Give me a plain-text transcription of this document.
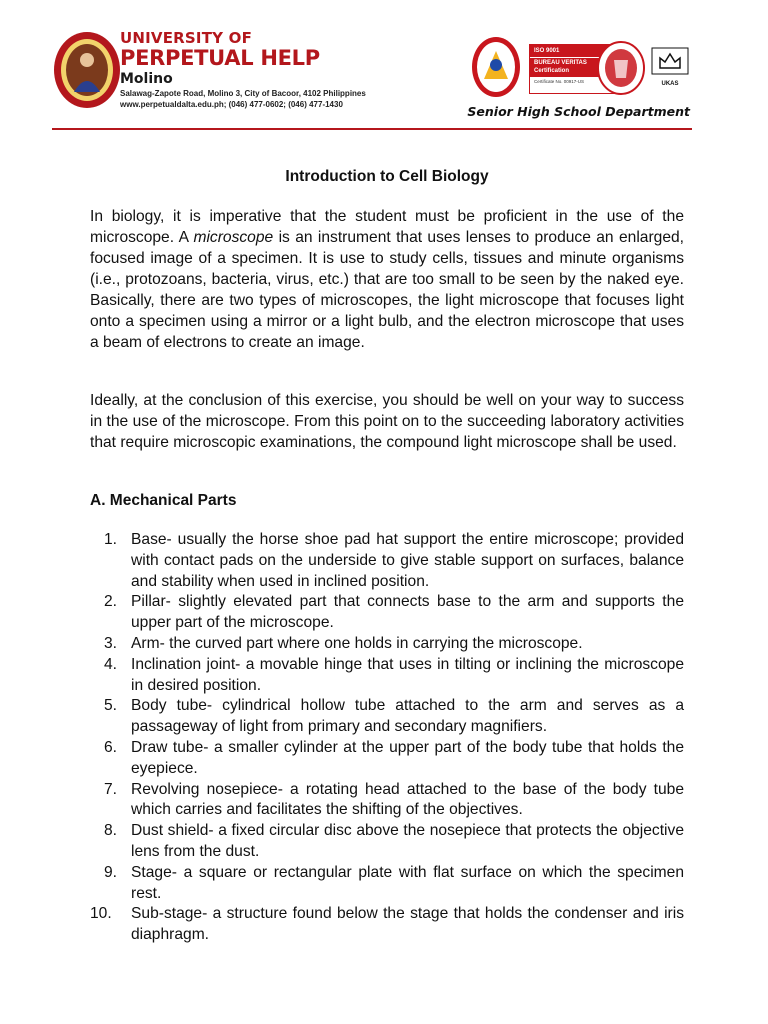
UNIVERSITY OF
PERPETUAL HELP
Molino
Salawag-Zapote Road, Molino 3, City of Bacoor, 4102 Philippines
www.perpetualdalta.edu.ph; (046) 477-0602; (046) 477-1430
ISO 9001
BUREAU VERITAS
Certification
Certificate No. 00917-US	UKAS
Senior High School Department
Introduction to Cell Biology
In biology, it is imperative that the student must be proficient in the use of the microscope. A microscope is an instrument that uses lenses to produce an enlarged, focused image of a specimen. It is use to study cells, tissues and minute organisms (i.e., protozoans, bacteria, virus, etc.) that are too small to be seen by the naked eye. Basically, there are two types of microscopes, the light microscope that focuses light onto a specimen using a mirror or a light bulb, and the electron microscope that uses a beam of electrons to create an image.
Ideally, at the conclusion of this exercise, you should be well on your way to success in the use of the microscope. From this point on to the succeeding laboratory activities that require microscopic examinations, the compound light microscope shall be used.
A. Mechanical Parts
1. Base- usually the horse shoe pad hat support the entire microscope; provided with contact pads on the underside to give stable support on surfaces, balance and stability when used in inclined position.
2. Pillar- slightly elevated part that connects base to the arm and supports the upper part of the microscope.
3. Arm- the curved part where one holds in carrying the microscope.
4. Inclination joint- a movable hinge that uses in tilting or inclining the microscope in desired position.
5. Body tube- cylindrical hollow tube attached to the arm and serves as a passageway of light from primary and secondary magnifiers.
6. Draw tube- a smaller cylinder at the upper part of the body tube that holds the eyepiece.
7. Revolving nosepiece- a rotating head attached to the base of the body tube which carries and facilitates the shifting of the objectives.
8. Dust shield- a fixed circular disc above the nosepiece that protects the objective lens from the dust.
9. Stage- a square or rectangular plate with flat surface on which the specimen rest.
10. Sub-stage- a structure found below the stage that holds the condenser and iris diaphragm.
